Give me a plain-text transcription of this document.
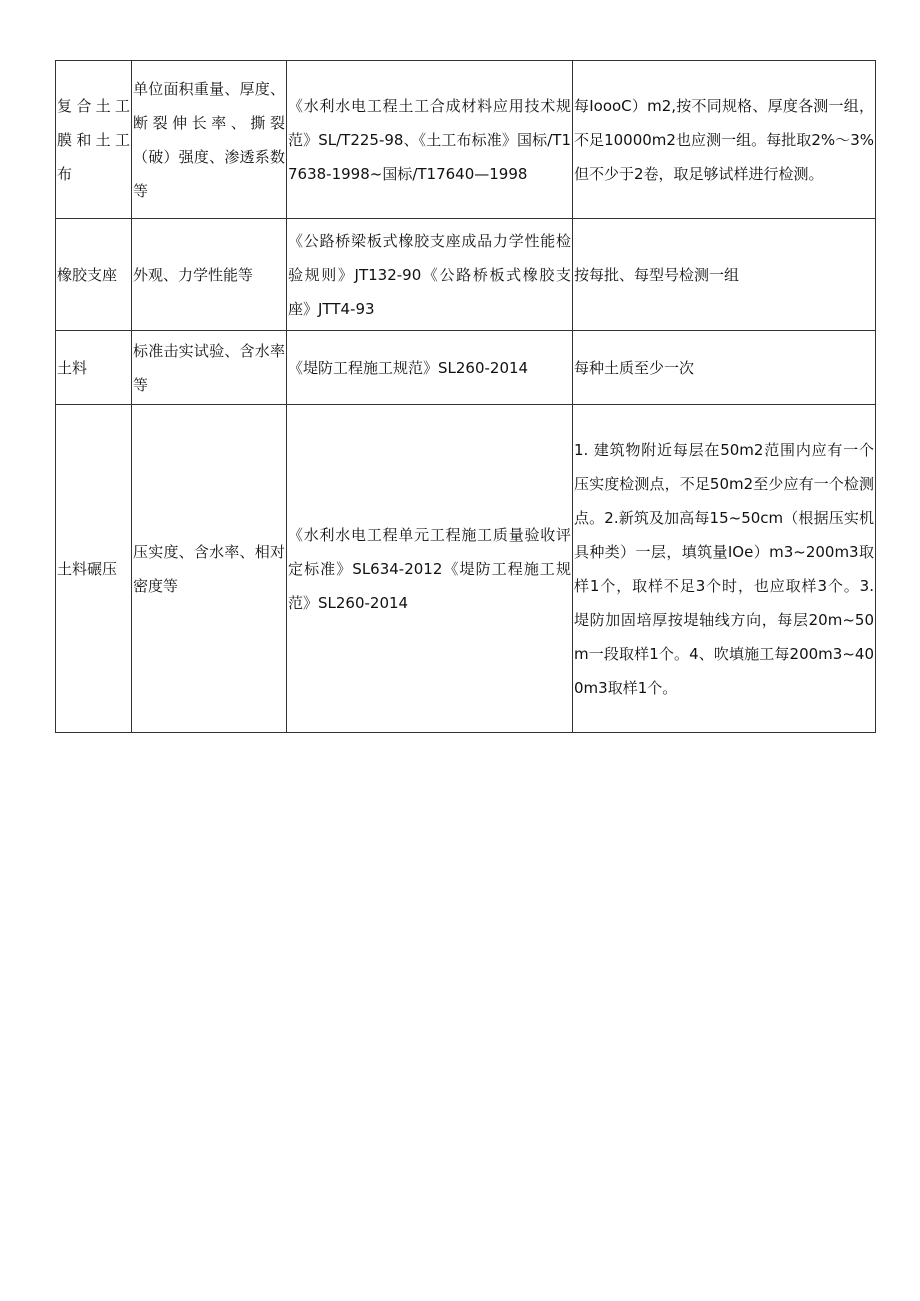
复合土工膜和土工布	单位面积重量、厚度、断裂伸长率、撕裂（破）强度、渗透系数等	《水利水电工程土工合成材料应用技术规范》SL/T225-98、《土工布标准》国标/T17638-1998~国标/T17640—1998	每IoooC）m2,按不同规格、厚度各测一组，不足10000m2也应测一组。每批取2%～3%但不少于2卷，取足够试样进行检测。
橡胶支座	外观、力学性能等	《公路桥梁板式橡胶支座成品力学性能检验规则》JT132-90《公路桥板式橡胶支座》JTT4-93	按每批、每型号检测一组
土料	标准击实试验、含水率等	《堤防工程施工规范》SL260-2014	每种土质至少一次
土料碾压	压实度、含水率、相对密度等	《水利水电工程单元工程施工质量验收评定标准》SL634-2012《堤防工程施工规范》SL260-2014	1. 建筑物附近每层在50m2范围内应有一个压实度检测点，不足50m2至少应有一个检测点。2.新筑及加高每15~50cm（根据压实机具种类）一层，填筑量IOe）m3~200m3取样1个，取样不足3个时，也应取样3个。3. 堤防加固培厚按堤轴线方向，每层20m~50m一段取样1个。4、吹填施工每200m3~400m3取样1个。
